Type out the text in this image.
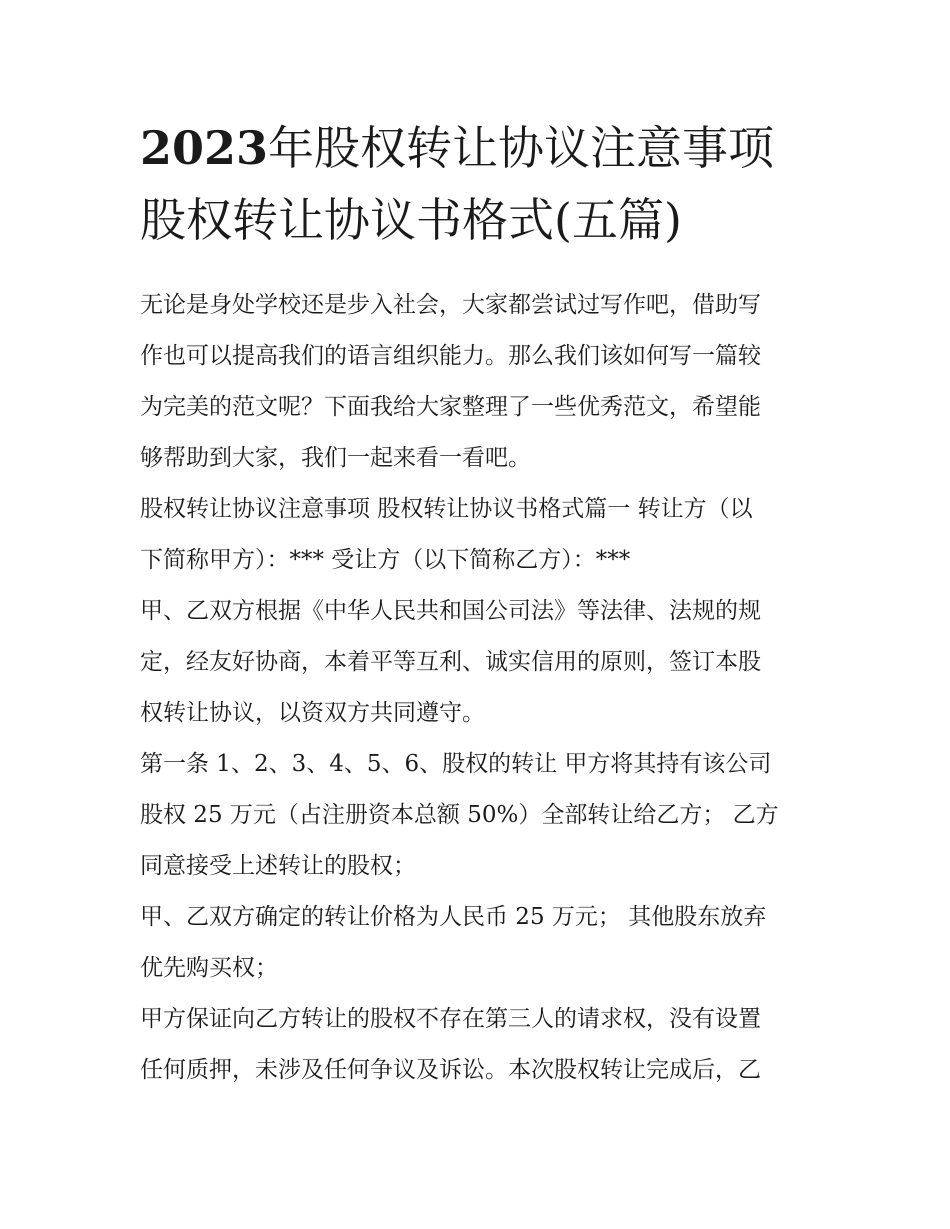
2023年股权转让协议注意事项
股权转让协议书格式(五篇)

无论是身处学校还是步入社会，大家都尝试过写作吧，借助写
作也可以提高我们的语言组织能力。那么我们该如何写一篇较
为完美的范文呢？下面我给大家整理了一些优秀范文，希望能
够帮助到大家，我们一起来看一看吧。

股权转让协议注意事项 股权转让协议书格式篇一 转让方（以
下简称甲方）：*** 受让方（以下简称乙方）：***

甲、乙双方根据《中华人民共和国公司法》等法律、法规的规
定，经友好协商，本着平等互利、诚实信用的原则，签订本股
权转让协议，以资双方共同遵守。

第一条 1、2、3、4、5、6、股权的转让 甲方将其持有该公司
股权 25 万元（占注册资本总额 50%）全部转让给乙方； 乙方
同意接受上述转让的股权；

甲、乙双方确定的转让价格为人民币 25 万元； 其他股东放弃
优先购买权；

甲方保证向乙方转让的股权不存在第三人的请求权，没有设置
任何质押，未涉及任何争议及诉讼。本次股权转让完成后，乙
